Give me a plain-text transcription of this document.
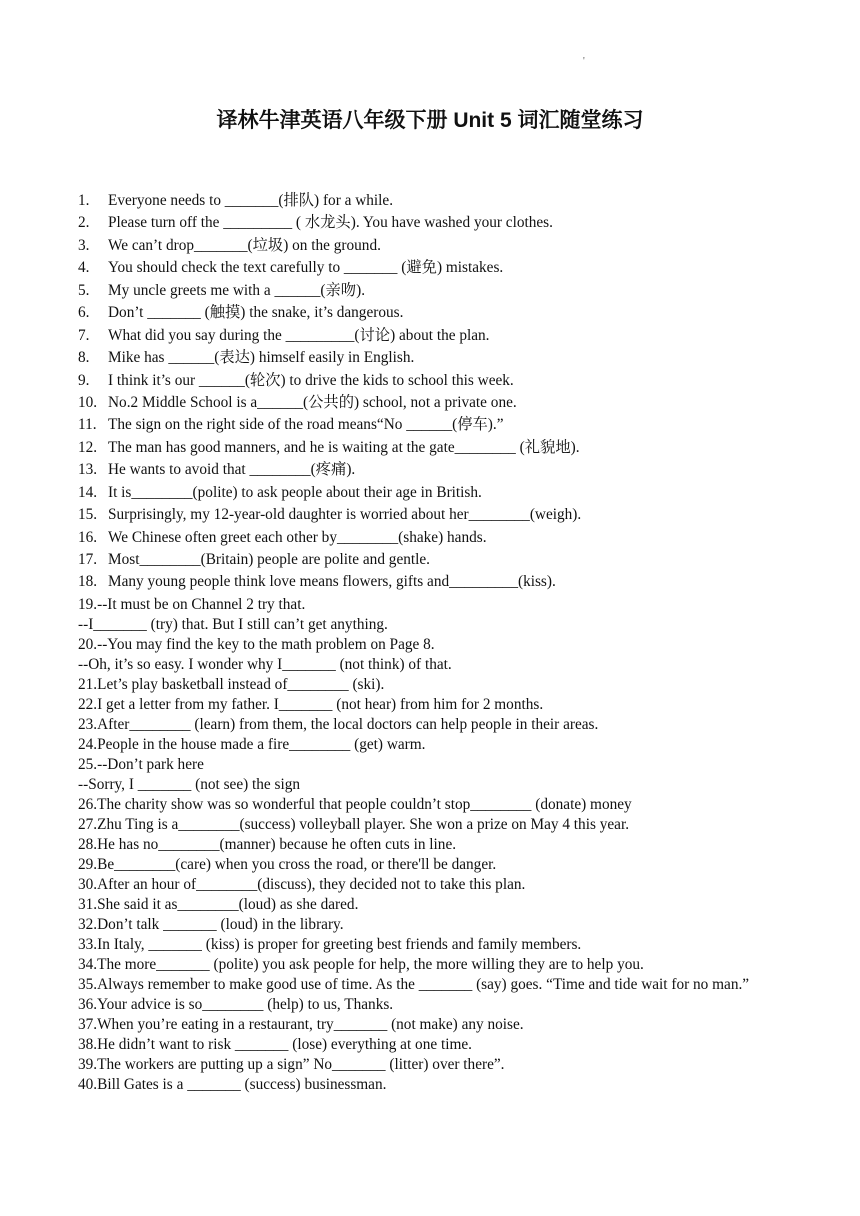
'
译林牛津英语八年级下册 Unit 5 词汇随堂练习
1. Everyone needs to _______(排队) for a while.
2. Please turn off the _________ ( 水龙头). You have washed your clothes.
3. We can’t drop_______(垃圾) on the ground.
4. You should check the text carefully to _______ (避免) mistakes.
5. My uncle greets me with a ______(亲吻).
6. Don’t _______ (触摸) the snake, it’s dangerous.
7. What did you say during the _________(讨论) about the plan.
8. Mike has ______(表达) himself easily in English.
9. I think it’s our ______(轮次) to drive the kids to school this week.
10. No.2 Middle School is a______(公共的) school, not a private one.
11. The sign on the right side of the road means“No ______(停车).”
12. The man has good manners, and he is waiting at the gate________ (礼貌地).
13. He wants to avoid that ________(疼痛).
14. It is________(polite) to ask people about their age in British.
15. Surprisingly, my 12-year-old daughter is worried about her________(weigh).
16. We Chinese often greet each other by________(shake) hands.
17. Most________(Britain) people are polite and gentle.
18. Many young people think love means flowers, gifts and_________(kiss).
19.--It must be on Channel 2 try that.
--I_______ (try) that. But I still can’t get anything.
20.--You may find the key to the math problem on Page 8.
--Oh, it’s so easy. I wonder why I_______ (not think) of that.
21.Let’s play basketball instead of________ (ski).
22.I get a letter from my father. I_______ (not hear) from him for 2 months.
23.After________ (learn) from them, the local doctors can help people in their areas.
24.People in the house made a fire________ (get) warm.
25.--Don’t park here
--Sorry, I _______ (not see) the sign
26.The charity show was so wonderful that people couldn’t stop________ (donate) money
27.Zhu Ting is a________(success) volleyball player. She won a prize on May 4 this year.
28.He has no________(manner) because he often cuts in line.
29.Be________(care) when you cross the road, or there'll be danger.
30.After an hour of________(discuss), they decided not to take this plan.
31.She said it as________(loud) as she dared.
32.Don’t talk _______ (loud) in the library.
33.In Italy, _______ (kiss) is proper for greeting best friends and family members.
34.The more_______ (polite) you ask people for help, the more willing they are to help you.
35.Always remember to make good use of time. As the _______ (say) goes. “Time and tide wait for no man.”
36.Your advice is so________ (help) to us, Thanks.
37.When you’re eating in a restaurant, try_______ (not make) any noise.
38.He didn’t want to risk _______ (lose) everything at one time.
39.The workers are putting up a sign” No_______ (litter) over there”.
40.Bill Gates is a _______ (success) businessman.
